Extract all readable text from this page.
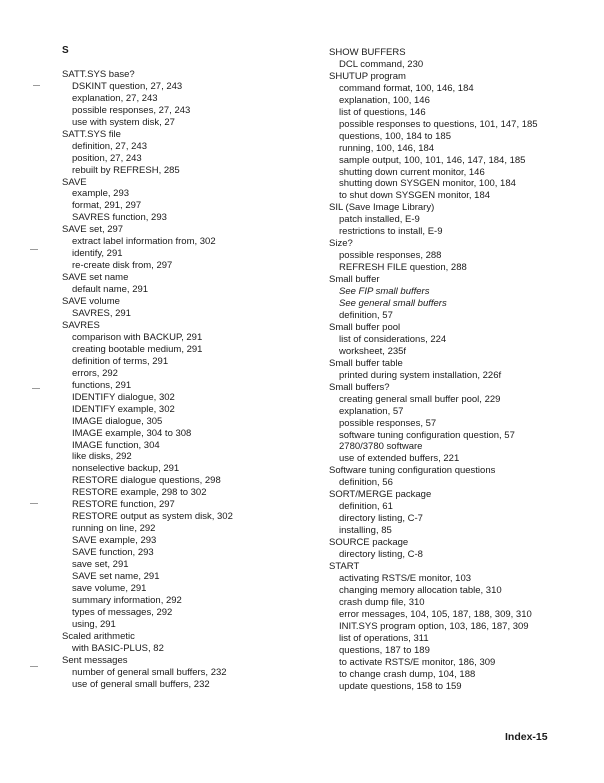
S
SATT.SYS base?
DSKINT question, 27, 243
explanation, 27, 243
possible responses, 27, 243
use with system disk, 27
SATT.SYS file
definition, 27, 243
position, 27, 243
rebuilt by REFRESH, 285
SAVE
example, 293
format, 291, 297
SAVRES function, 293
SAVE set, 297
extract label information from, 302
identify, 291
re-create disk from, 297
SAVE set name
default name, 291
SAVE volume
SAVRES, 291
SAVRES
comparison with BACKUP, 291
creating bootable medium, 291
definition of terms, 291
errors, 292
functions, 291
IDENTIFY dialogue, 302
IDENTIFY example, 302
IMAGE dialogue, 305
IMAGE example, 304 to 308
IMAGE function, 304
like disks, 292
nonselective backup, 291
RESTORE dialogue questions, 298
RESTORE example, 298 to 302
RESTORE function, 297
RESTORE output as system disk, 302
running on line, 292
SAVE example, 293
SAVE function, 293
save set, 291
SAVE set name, 291
save volume, 291
summary information, 292
types of messages, 292
using, 291
Scaled arithmetic
with BASIC-PLUS, 82
Sent messages
number of general small buffers, 232
use of general small buffers, 232
SHOW BUFFERS
DCL command, 230
SHUTUP program
command format, 100, 146, 184
explanation, 100, 146
list of questions, 146
possible responses to questions, 101, 147, 185
questions, 100, 184 to 185
running, 100, 146, 184
sample output, 100, 101, 146, 147, 184, 185
shutting down current monitor, 146
shutting down SYSGEN monitor, 100, 184
to shut down SYSGEN monitor, 184
SIL (Save Image Library)
patch installed, E-9
restrictions to install, E-9
Size?
possible responses, 288
REFRESH FILE question, 288
Small buffer
See FIP small buffers
See general small buffers
definition, 57
Small buffer pool
list of considerations, 224
worksheet, 235f
Small buffer table
printed during system installation, 226f
Small buffers?
creating general small buffer pool, 229
explanation, 57
possible responses, 57
software tuning configuration question, 57
2780/3780 software
use of extended buffers, 221
Software tuning configuration questions
definition, 56
SORT/MERGE package
definition, 61
directory listing, C-7
installing, 85
SOURCE package
directory listing, C-8
START
activating RSTS/E monitor, 103
changing memory allocation table, 310
crash dump file, 310
error messages, 104, 105, 187, 188, 309, 310
INIT.SYS program option, 103, 186, 187, 309
list of operations, 311
questions, 187 to 189
to activate RSTS/E monitor, 186, 309
to change crash dump, 104, 188
update questions, 158 to 159
Index-15
